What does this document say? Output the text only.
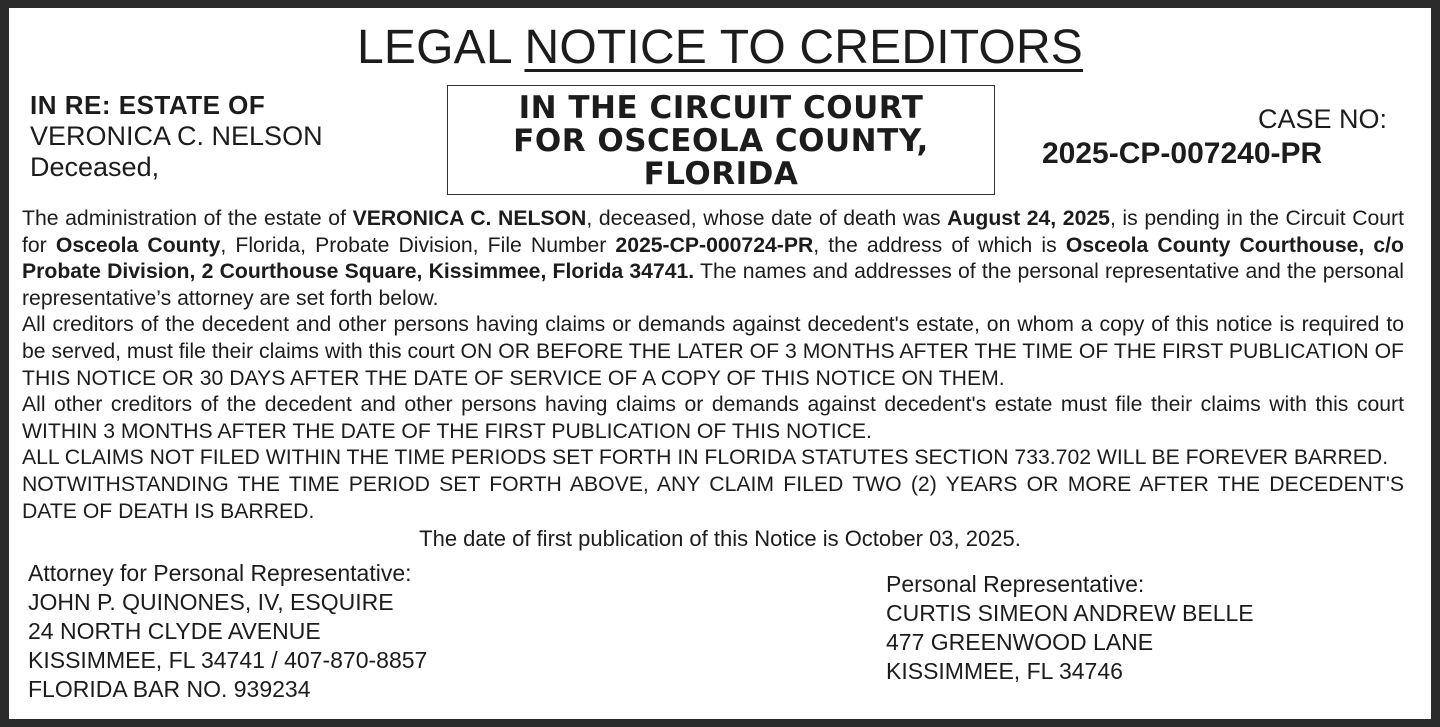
LEGAL NOTICE TO CREDITORS
IN RE: ESTATE OF
VERONICA C. NELSON
Deceased,
IN THE CIRCUIT COURT
FOR OSCEOLA COUNTY,
FLORIDA
CASE NO:
2025-CP-007240-PR

The administration of the estate of VERONICA C. NELSON, deceased, whose date of death was August 24, 2025, is pending in the Circuit Court for Osceola County, Florida, Probate Division, File Number 2025-CP-000724-PR, the address of which is Osceola County Courthouse, c/o Probate Division, 2 Courthouse Square, Kissimmee, Florida 34741. The names and addresses of the personal representative and the personal representative’s attorney are set forth below.

All creditors of the decedent and other persons having claims or demands against decedent's estate, on whom a copy of this notice is required to be served, must file their claims with this court ON OR BEFORE THE LATER OF 3 MONTHS AFTER THE TIME OF THE FIRST PUBLICATION OF THIS NOTICE OR 30 DAYS AFTER THE DATE OF SERVICE OF A COPY OF THIS NOTICE ON THEM.

All other creditors of the decedent and other persons having claims or demands against decedent's estate must file their claims with this court WITHIN 3 MONTHS AFTER THE DATE OF THE FIRST PUBLICATION OF THIS NOTICE.

ALL CLAIMS NOT FILED WITHIN THE TIME PERIODS SET FORTH IN FLORIDA STATUTES SECTION 733.702 WILL BE FOREVER BARRED.

NOTWITHSTANDING THE TIME PERIOD SET FORTH ABOVE, ANY CLAIM FILED TWO (2) YEARS OR MORE AFTER THE DECEDENT'S DATE OF DEATH IS BARRED.

The date of first publication of this Notice is October 03, 2025.
Attorney for Personal Representative:
JOHN P. QUINONES, IV, ESQUIRE
24 NORTH CLYDE AVENUE
KISSIMMEE, FL 34741 / 407-870-8857
FLORIDA BAR NO. 939234
Personal Representative:
CURTIS SIMEON ANDREW BELLE
477 GREENWOOD LANE
KISSIMMEE, FL 34746
